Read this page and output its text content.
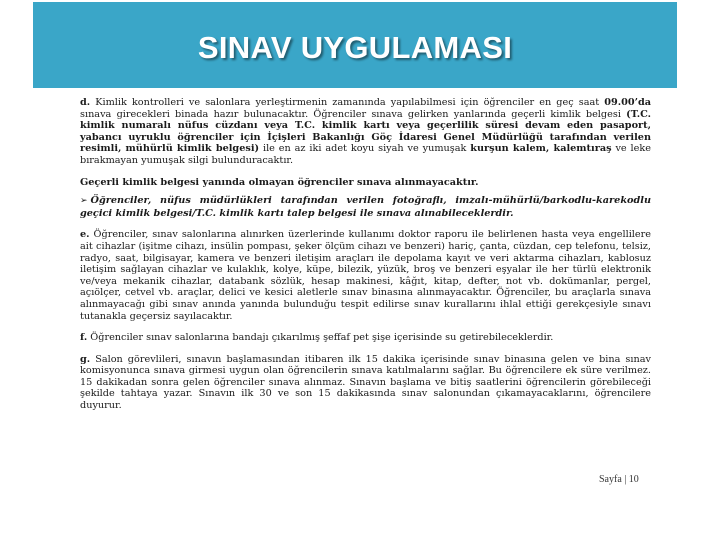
SINAV UYGULAMASI

d. Kimlik kontrolleri ve salonlara yerleştirmenin zamanında yapılabilmesi için öğrenciler en geç saat 09.00’da sınava girecekleri binada hazır bulunacaktır. Öğrenciler sınava gelirken yanlarında geçerli kimlik belgesi (T.C. kimlik numaralı nüfus cüzdanı veya T.C. kimlik kartı veya geçerlilik süresi devam eden pasaport, yabancı uyruklu öğrenciler için İçişleri Bakanlığı Göç İdaresi Genel Müdürlüğü tarafından verilen resimli, mühürlü kimlik belgesi) ile en az iki adet koyu siyah ve yumuşak kurşun kalem, kalemtıraş ve leke bırakmayan yumuşak silgi bulunduracaktır.

Geçerli kimlik belgesi yanında olmayan öğrenciler sınava alınmayacaktır.

➢ Öğrenciler, nüfus müdürlükleri tarafından verilen fotoğraflı, imzalı-mühürlü/barkodlu-karekodlu geçici kimlik belgesi/T.C. kimlik kartı talep belgesi ile sınava alınabileceklerdir.

e. Öğrenciler, sınav salonlarına alınırken üzerlerinde kullanımı doktor raporu ile belirlenen hasta veya engellilere ait cihazlar (işitme cihazı, insülin pompası, şeker ölçüm cihazı ve benzeri) hariç, çanta, cüzdan, cep telefonu, telsiz, radyo, saat, bilgisayar, kamera ve benzeri iletişim araçları ile depolama kayıt ve veri aktarma cihazları, kablosuz iletişim sağlayan cihazlar ve kulaklık, kolye, küpe, bilezik, yüzük, broş ve benzeri eşyalar ile her türlü elektronik ve/veya mekanik cihazlar, databank sözlük, hesap makinesi, kâğıt, kitap, defter, not vb. dokümanlar, pergel, açıölçer, cetvel vb. araçlar, delici ve kesici aletlerle sınav binasına alınmayacaktır. Öğrenciler, bu araçlarla sınava alınmayacağı gibi sınav anında yanında bulunduğu tespit edilirse sınav kurallarını ihlal ettiği gerekçesiyle sınavı tutanakla geçersiz sayılacaktır.

f. Öğrenciler sınav salonlarına bandajı çıkarılmış şeffaf pet şişe içerisinde su getirebileceklerdir.

g. Salon görevlileri, sınavın başlamasından itibaren ilk 15 dakika içerisinde sınav binasına gelen ve bina sınav komisyonunca sınava girmesi uygun olan öğrencilerin sınava katılmalarını sağlar. Bu öğrencilere ek süre verilmez. 15 dakikadan sonra gelen öğrenciler sınava alınmaz. Sınavın başlama ve bitiş saatlerini öğrencilerin görebileceği şekilde tahtaya yazar. Sınavın ilk 30 ve son 15 dakikasında sınav salonundan çıkamayacaklarını, öğrencilere duyurur.

Sayfa | 10
